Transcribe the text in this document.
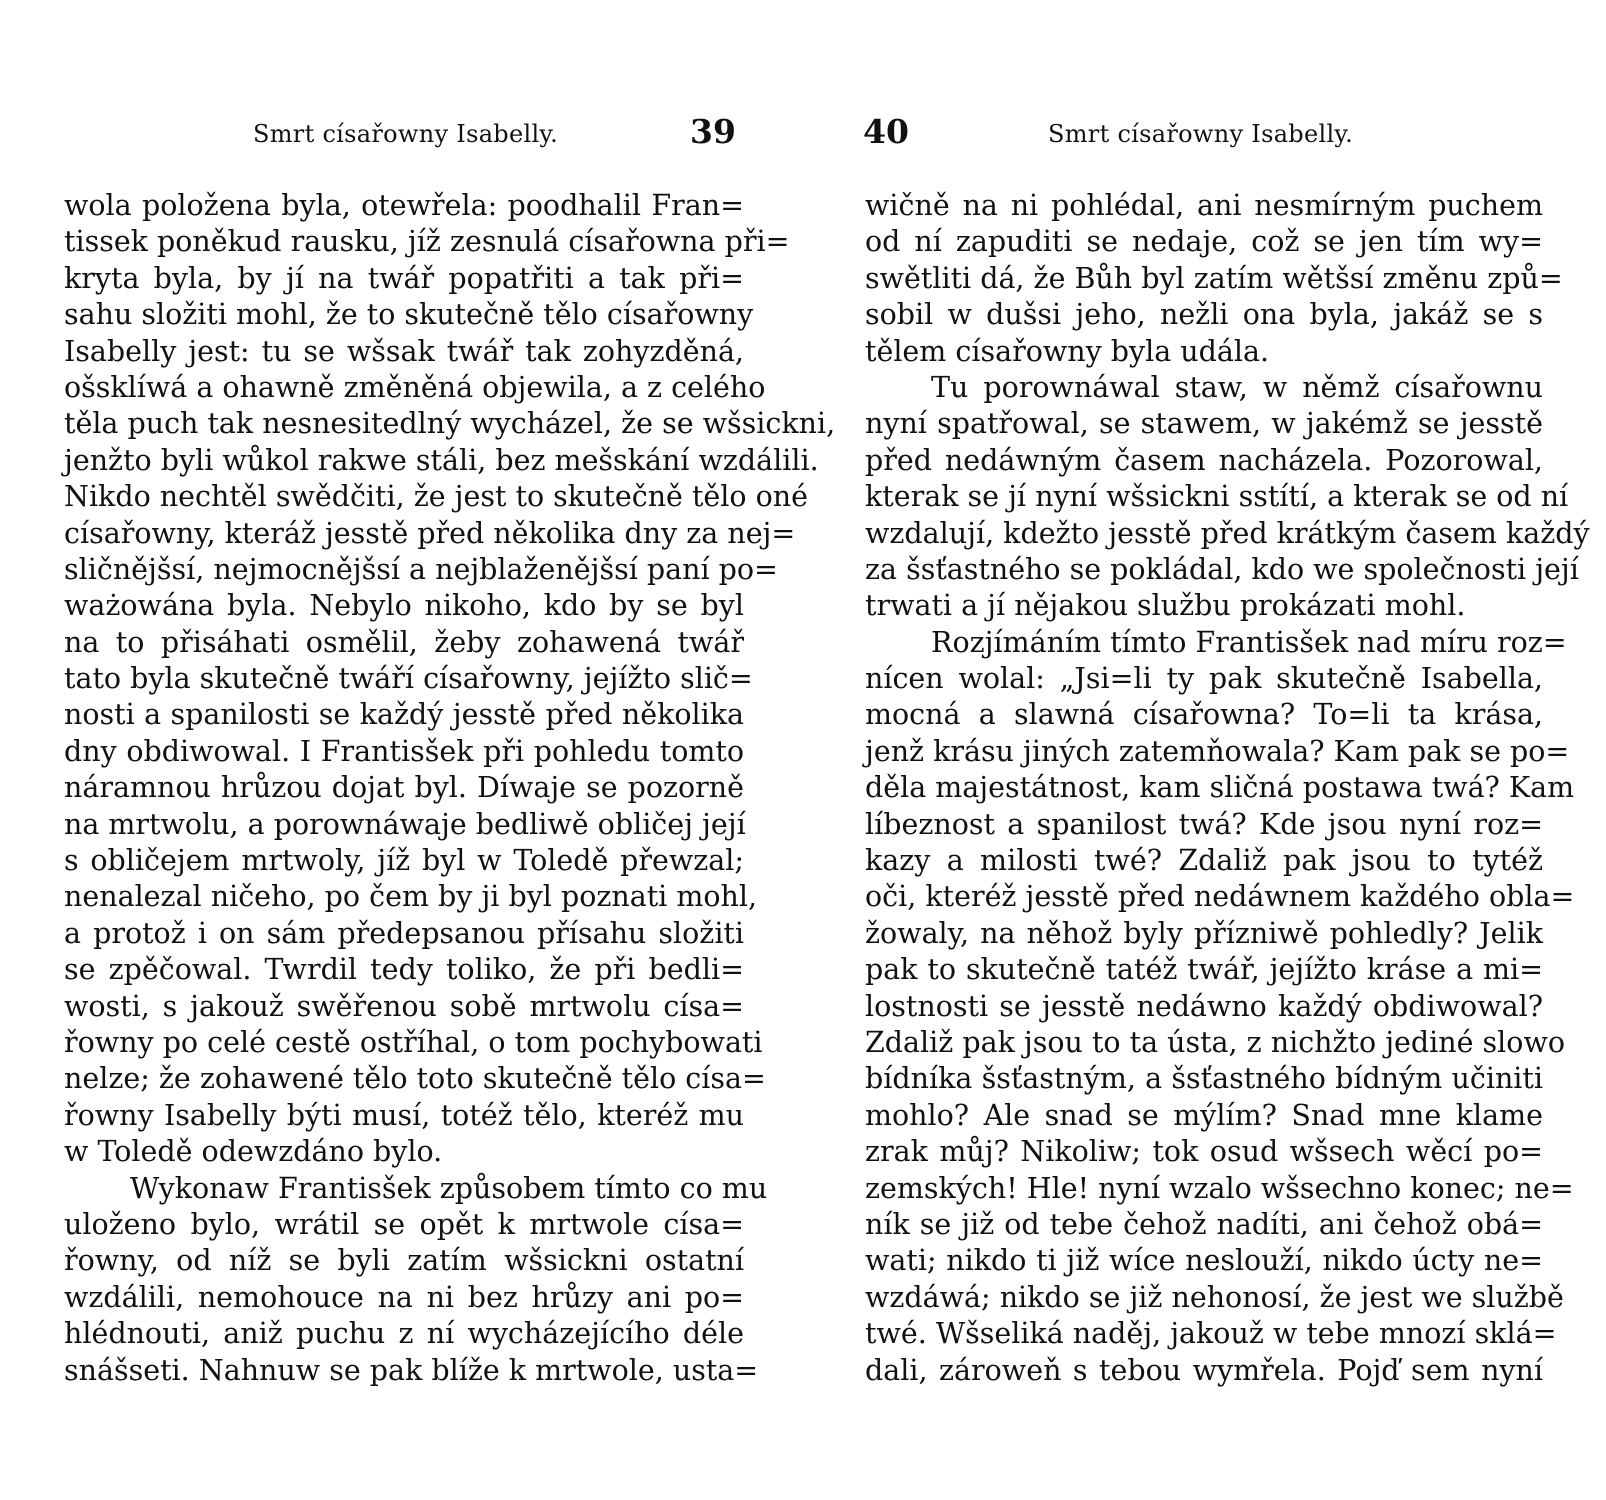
Smrt císařowny Isabelly.	39
wola položena byla, otewřela: poodhalil Fran=
tissek poněkud rausku, jíž zesnulá císařowna při=
kryta byla, by jí na twář popatřiti a tak při=
sahu složiti mohl, že to skutečně tělo císařowny
Isabelly jest: tu se wšsak twář tak zohyzděná,
ošsklíwá a ohawně změněná objewila, a z celého
těla puch tak nesnesitedlný wycházel, že se wšsickni,
jenžto byli wůkol rakwe stáli, bez mešskání wzdálili.
Nikdo nechtěl swědčiti, že jest to skutečně tělo oné
císařowny, kteráž jesstě před několika dny za nej=
sličnějšsí, nejmocnějšsí a nejblaženějšsí paní po=
ważowána byla. Nebylo nikoho, kdo by se byl
na to přisáhati osmělil, žeby zohawená twář
tato byla skutečně twáří císařowny, jejížto slič=
nosti a spanilosti se každý jesstě před několika
dny obdiwowal. I Frantisšek při pohledu tomto
náramnou hrůzou dojat byl. Díwaje se pozorně
na mrtwolu, a porownáwaje bedliwě obličej její
s obličejem mrtwoly, jíž byl w Toledě přewzal;
nenalezal ničeho, po čem by ji byl poznati mohl,
a protož i on sám předepsanou přísahu složiti
se zpěčowal. Twrdil tedy toliko, že při bedli=
wosti, s jakouž swěřenou sobě mrtwolu císa=
řowny po celé cestě ostříhal, o tom pochybowati
nelze; že zohawené tělo toto skutečně tělo císa=
řowny Isabelly býti musí, totéž tělo, kteréž mu
w Toledě odewzdáno bylo.
Wykonaw Frantisšek způsobem tímto co mu
uloženo bylo, wrátil se opět k mrtwole císa=
řowny, od níž se byli zatím wšsickni ostatní
wzdálili, nemohouce na ni bez hrůzy ani po=
hlédnouti, aniž puchu z ní wycházejícího déle
snášseti. Nahnuw se pak blíže k mrtwole, usta=
40	Smrt císařowny Isabelly.
wičně na ni pohlédal, ani nesmírným puchem
od ní zapuditi se nedaje, což se jen tím wy=
swětliti dá, že Bůh byl zatím wětšsí změnu způ=
sobil w dušsi jeho, nežli ona byla, jakáž se s
tělem císařowny byla udála.
Tu porownáwal staw, w němž císařownu
nyní spatřowal, se stawem, w jakémž se jesstě
před nedáwným časem nacházela. Pozorowal,
kterak se jí nyní wšsickni sstítí, a kterak se od ní
wzdalují, kdežto jesstě před krátkým časem každý
za šsťastného se pokládal, kdo we společnosti její
trwati a jí nějakou službu prokázati mohl.
Rozjímáním tímto Frantisšek nad míru roz=
nícen wolal: „Jsi=li ty pak skutečně Isabella,
mocná a slawná císařowna? To=li ta krása,
jenž krásu jiných zatemňowala? Kam pak se po=
děla majestátnost, kam sličná postawa twá? Kam
líbeznost a spanilost twá? Kde jsou nyní roz=
kazy a milosti twé? Zdaliž pak jsou to tytéž
oči, kteréž jesstě před nedáwnem každého obla=
žowaly, na něhož byly přízniwě pohledly? Jelik
pak to skutečně tatéž twář, jejížto kráse a mi=
lostnosti se jesstě nedáwno každý obdiwowal?
Zdaliž pak jsou to ta ústa, z nichžto jediné slowo
bídníka šsťastným, a šsťastného bídným učiniti
mohlo? Ale snad se mýlím? Snad mne klame
zrak můj? Nikoliw; tok osud wšsech wěcí po=
zemských! Hle! nyní wzalo wšsechno konec; ne=
ník se již od tebe čehož nadíti, ani čehož obá=
wati; nikdo ti již wíce neslouží, nikdo úcty ne=
wzdáwá; nikdo se již nehonosí, že jest we službě
twé. Wšseliká naděj, jakouž w tebe mnozí sklá=
dali, zároweň s tebou wymřela. Pojď sem nyní
